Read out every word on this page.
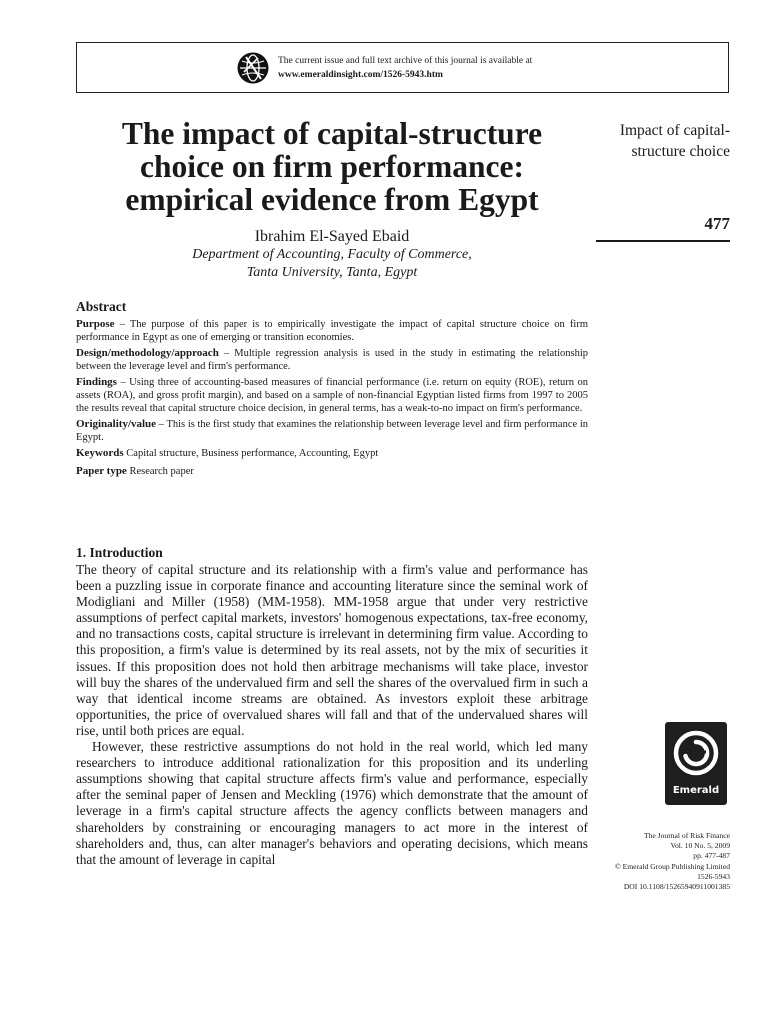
The current issue and full text archive of this journal is available at
www.emeraldinsight.com/1526-5943.htm
The impact of capital-structure choice on firm performance: empirical evidence from Egypt
Ibrahim El-Sayed Ebaid
Department of Accounting, Faculty of Commerce,
Tanta University, Tanta, Egypt
Impact of capital-
structure choice
477
Abstract

Purpose – The purpose of this paper is to empirically investigate the impact of capital structure choice on firm performance in Egypt as one of emerging or transition economies.

Design/methodology/approach – Multiple regression analysis is used in the study in estimating the relationship between the leverage level and firm's performance.

Findings – Using three of accounting-based measures of financial performance (i.e. return on equity (ROE), return on assets (ROA), and gross profit margin), and based on a sample of non-financial Egyptian listed firms from 1997 to 2005 the results reveal that capital structure choice decision, in general terms, has a weak-to-no impact on firm's performance.

Originality/value – This is the first study that examines the relationship between leverage level and firm performance in Egypt.

Keywords Capital structure, Business performance, Accounting, Egypt

Paper type Research paper

1. Introduction

The theory of capital structure and its relationship with a firm's value and performance has been a puzzling issue in corporate finance and accounting literature since the seminal work of Modigliani and Miller (1958) (MM-1958). MM-1958 argue that under very restrictive assumptions of perfect capital markets, investors' homogenous expectations, tax-free economy, and no transactions costs, capital structure is irrelevant in determining firm value. According to this proposition, a firm's value is determined by its real assets, not by the mix of securities it issues. If this proposition does not hold then arbitrage mechanisms will take place, investor will buy the shares of the undervalued firm and sell the shares of the overvalued firm in such a way that identical income streams are obtained. As investors exploit these arbitrage opportunities, the price of overvalued shares will fall and that of the undervalued shares will rise, until both prices are equal.

However, these restrictive assumptions do not hold in the real world, which led many researchers to introduce additional rationalization for this proposition and its underling assumptions showing that capital structure affects firm's value and performance, especially after the seminal paper of Jensen and Meckling (1976) which demonstrate that the amount of leverage in a firm's capital structure affects the agency conflicts between managers and shareholders by constraining or encouraging managers to act more in the interest of shareholders and, thus, can alter manager's behaviors and operating decisions, which means that the amount of leverage in capital

Emerald
The Journal of Risk Finance
Vol. 10 No. 5, 2009
pp. 477-487
© Emerald Group Publishing Limited
1526-5943
DOI 10.1108/15265940911001385
